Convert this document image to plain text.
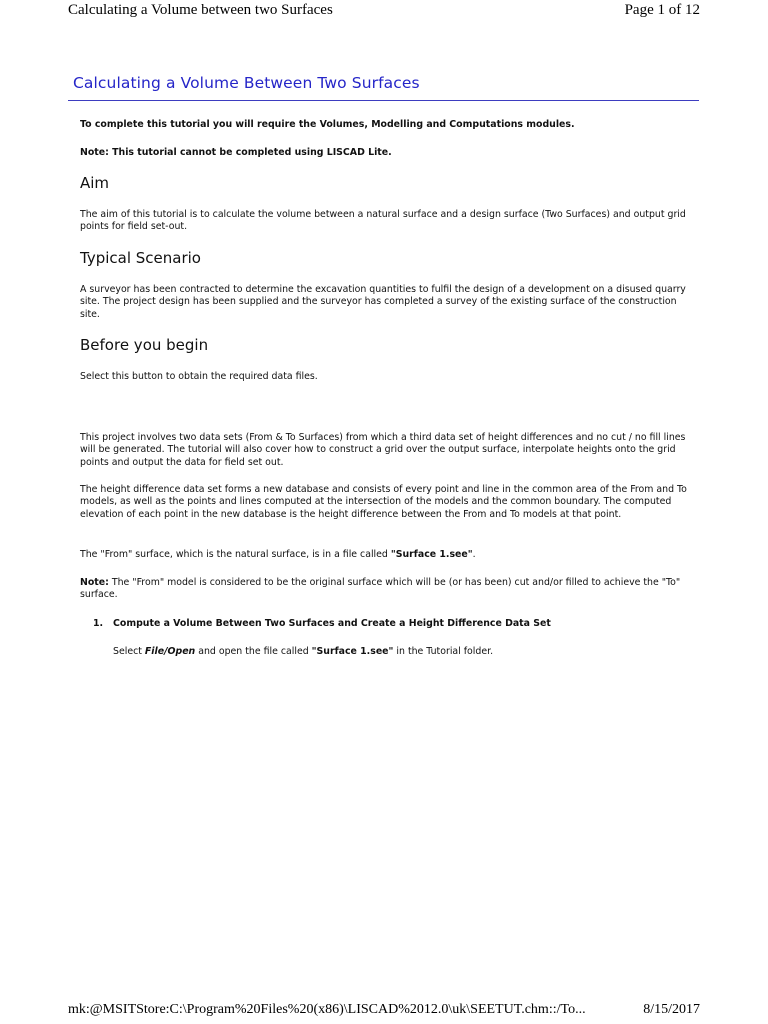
Calculating a Volume between two Surfaces	Page 1 of 12
Calculating a Volume Between Two Surfaces
To complete this tutorial you will require the Volumes, Modelling and Computations modules.
Note: This tutorial cannot be completed using LISCAD Lite.
Aim
The aim of this tutorial is to calculate the volume between a natural surface and a design surface (Two Surfaces) and output grid points for field set-out.
Typical Scenario
A surveyor has been contracted to determine the excavation quantities to fulfil the design of a development on a disused quarry site. The project design has been supplied and the surveyor has completed a survey of the existing surface of the construction site.
Before you begin
Select this button to obtain the required data files.
This project involves two data sets (From & To Surfaces) from which a third data set of height differences and no cut / no fill lines will be generated. The tutorial will also cover how to construct a grid over the output surface, interpolate heights onto the grid points and output the data for field set out.
The height difference data set forms a new database and consists of every point and line in the common area of the From and To models, as well as the points and lines computed at the intersection of the models and the common boundary. The computed elevation of each point in the new database is the height difference between the From and To models at that point.
The "From" surface, which is the natural surface, is in a file called "Surface 1.see".
Note: The "From" model is considered to be the original surface which will be (or has been) cut and/or filled to achieve the "To" surface.
1. Compute a Volume Between Two Surfaces and Create a Height Difference Data Set
Select File/Open and open the file called "Surface 1.see" in the Tutorial folder.
mk:@MSITStore:C:\Program%20Files%20(x86)\LISCAD%2012.0\uk\SEETUT.chm::/To...	8/15/2017
